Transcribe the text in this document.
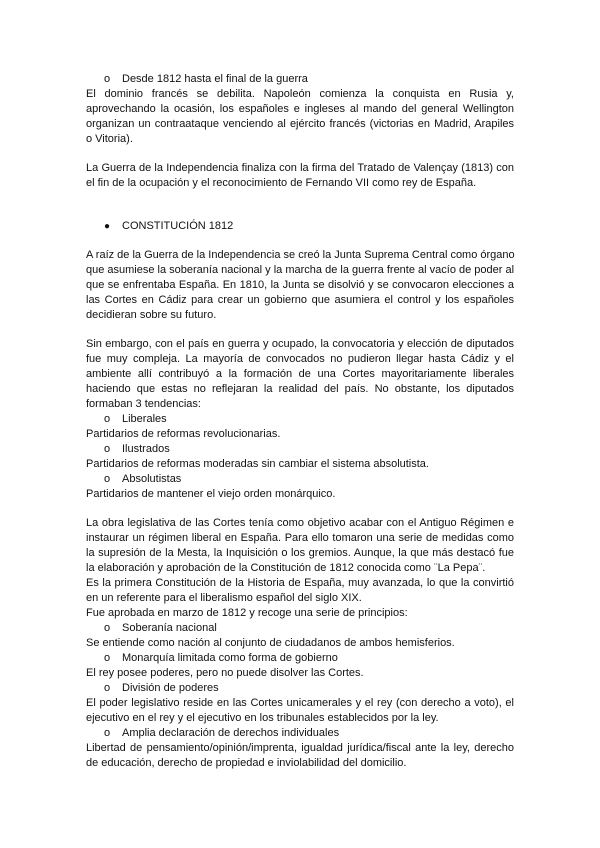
o Desde 1812 hasta el final de la guerra
El dominio francés se debilita. Napoleón comienza la conquista en Rusia y,
aprovechando la ocasión, los españoles e ingleses al mando del general Wellington
organizan un contraataque venciendo al ejército francés (victorias en Madrid, Arapiles
o Vitoria).
La Guerra de la Independencia finaliza con la firma del Tratado de Valençay (1813) con
el fin de la ocupación y el reconocimiento de Fernando VII como rey de España.
● CONSTITUCIÓN 1812
A raíz de la Guerra de la Independencia se creó la Junta Suprema Central como órgano
que asumiese la soberanía nacional y la marcha de la guerra frente al vacío de poder al
que se enfrentaba España. En 1810, la Junta se disolvió y se convocaron elecciones a
las Cortes en Cádiz para crear un gobierno que asumiera el control y los españoles
decidieran sobre su futuro.
Sin embargo, con el país en guerra y ocupado, la convocatoria y elección de diputados
fue muy compleja. La mayoría de convocados no pudieron llegar hasta Cádiz y el
ambiente allí contribuyó a la formación de una Cortes mayoritariamente liberales
haciendo que estas no reflejaran la realidad del país. No obstante, los diputados
formaban 3 tendencias:
o Liberales
Partidarios de reformas revolucionarias.
o Ilustrados
Partidarios de reformas moderadas sin cambiar el sistema absolutista.
o Absolutistas
Partidarios de mantener el viejo orden monárquico.
La obra legislativa de las Cortes tenía como objetivo acabar con el Antiguo Régimen e
instaurar un régimen liberal en España. Para ello tomaron una serie de medidas como
la supresión de la Mesta, la Inquisición o los gremios. Aunque, la que más destacó fue
la elaboración y aprobación de la Constitución de 1812 conocida como ¨La Pepa¨.
Es la primera Constitución de la Historia de España, muy avanzada, lo que la convirtió
en un referente para el liberalismo español del siglo XIX.
Fue aprobada en marzo de 1812 y recoge una serie de principios:
o Soberanía nacional
Se entiende como nación al conjunto de ciudadanos de ambos hemisferios.
o Monarquía limitada como forma de gobierno
El rey posee poderes, pero no puede disolver las Cortes.
o División de poderes
El poder legislativo reside en las Cortes unicamerales y el rey (con derecho a voto), el
ejecutivo en el rey y el ejecutivo en los tribunales establecidos por la ley.
o Amplia declaración de derechos individuales
Libertad de pensamiento/opinión/imprenta, igualdad jurídica/fiscal ante la ley, derecho
de educación, derecho de propiedad e inviolabilidad del domicilio.
